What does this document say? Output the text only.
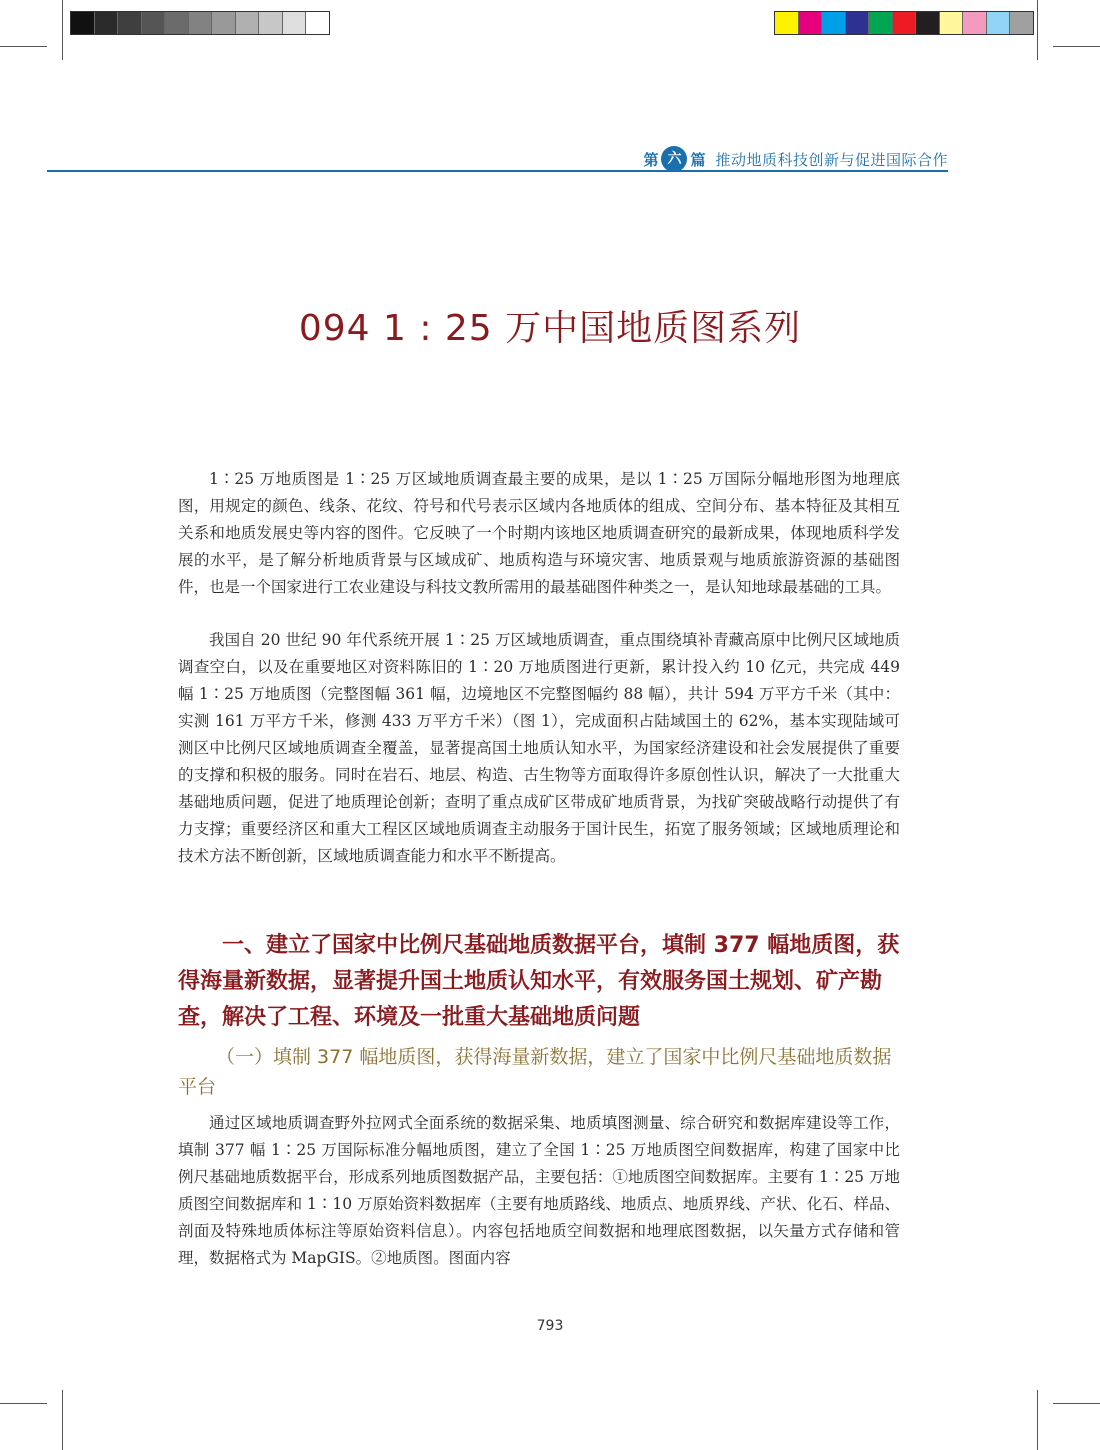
第 六 篇 推动地质科技创新与促进国际合作
094 1 : 25 万中国地质图系列

1∶25 万地质图是 1∶25 万区域地质调查最主要的成果，是以 1∶25 万国际分幅地形图为地理底图，用规定的颜色、线条、花纹、符号和代号表示区域内各地质体的组成、空间分布、基本特征及其相互关系和地质发展史等内容的图件。它反映了一个时期内该地区地质调查研究的最新成果，体现地质科学发展的水平，是了解分析地质背景与区域成矿、地质构造与环境灾害、地质景观与地质旅游资源的基础图件，也是一个国家进行工农业建设与科技文教所需用的最基础图件种类之一，是认知地球最基础的工具。

我国自 20 世纪 90 年代系统开展 1∶25 万区域地质调查，重点围绕填补青藏高原中比例尺区域地质调查空白，以及在重要地区对资料陈旧的 1∶20 万地质图进行更新，累计投入约 10 亿元，共完成 449 幅 1∶25 万地质图（完整图幅 361 幅，边境地区不完整图幅约 88 幅），共计 594 万平方千米（其中：实测 161 万平方千米，修测 433 万平方千米）（图 1），完成面积占陆域国土的 62%，基本实现陆域可测区中比例尺区域地质调查全覆盖，显著提高国土地质认知水平，为国家经济建设和社会发展提供了重要的支撑和积极的服务。同时在岩石、地层、构造、古生物等方面取得许多原创性认识，解决了一大批重大基础地质问题，促进了地质理论创新；查明了重点成矿区带成矿地质背景，为找矿突破战略行动提供了有力支撑；重要经济区和重大工程区区域地质调查主动服务于国计民生，拓宽了服务领域；区域地质理论和技术方法不断创新，区域地质调查能力和水平不断提高。

一、建立了国家中比例尺基础地质数据平台，填制 377 幅地质图，获得海量新数据，显著提升国土地质认知水平，有效服务国土规划、矿产勘查，解决了工程、环境及一批重大基础地质问题

（一）填制 377 幅地质图，获得海量新数据，建立了国家中比例尺基础地质数据平台

通过区域地质调查野外拉网式全面系统的数据采集、地质填图测量、综合研究和数据库建设等工作，填制 377 幅 1∶25 万国际标准分幅地质图，建立了全国 1∶25 万地质图空间数据库，构建了国家中比例尺基础地质数据平台，形成系列地质图数据产品，主要包括：①地质图空间数据库。主要有 1∶25 万地质图空间数据库和 1∶10 万原始资料数据库（主要有地质路线、地质点、地质界线、产状、化石、样品、剖面及特殊地质体标注等原始资料信息）。内容包括地质空间数据和地理底图数据，以矢量方式存储和管理，数据格式为 MapGIS。②地质图。图面内容

793
